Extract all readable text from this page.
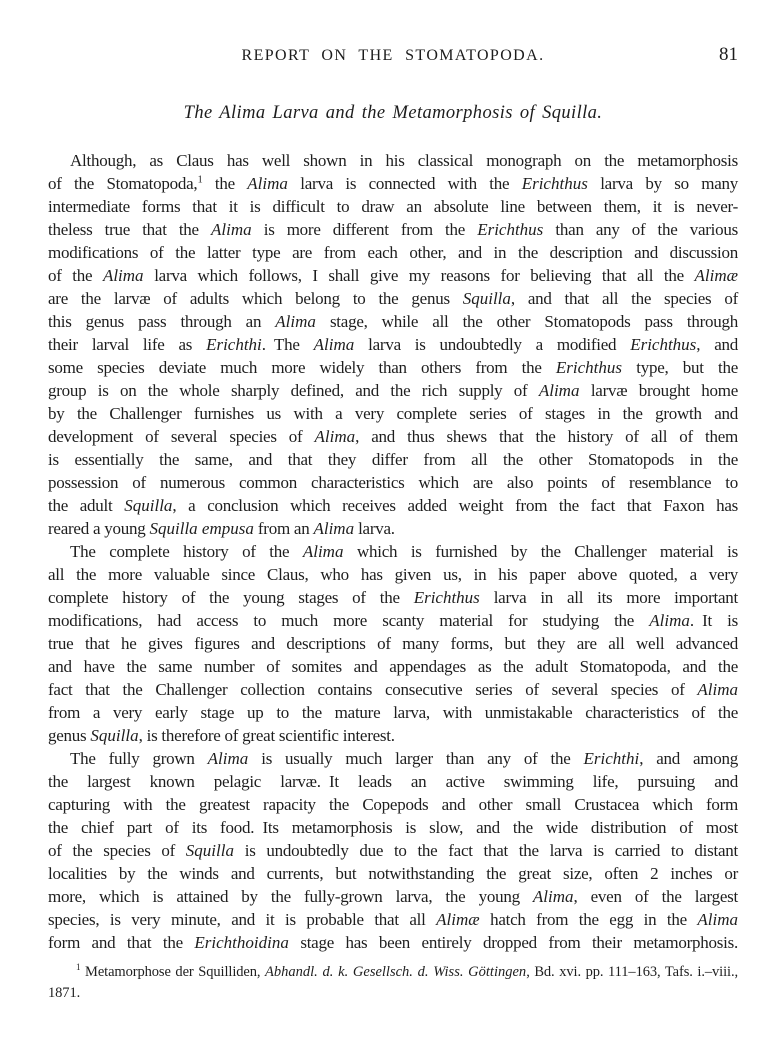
REPORT ON THE STOMATOPODA.	81
The Alima Larva and the Metamorphosis of Squilla.
Although, as Claus has well shown in his classical monograph on the metamorphosis
of the Stomatopoda,$^1$ the Alima larva is connected with the Erichthus larva by so many
intermediate forms that it is difficult to draw an absolute line between them, it is never-
theless true that the Alima is more different from the Erichthus than any of the various
modifications of the latter type are from each other, and in the description and discussion
of the Alima larva which follows, I shall give my reasons for believing that all the Alimæ
are the larvæ of adults which belong to the genus Squilla, and that all the species of
this genus pass through an Alima stage, while all the other Stomatopods pass through
their larval life as Erichthi. The Alima larva is undoubtedly a modified Erichthus, and
some species deviate much more widely than others from the Erichthus type, but the
group is on the whole sharply defined, and the rich supply of Alima larvæ brought home
by the Challenger furnishes us with a very complete series of stages in the growth and
development of several species of Alima, and thus shews that the history of all of them
is essentially the same, and that they differ from all the other Stomatopods in the
possession of numerous common characteristics which are also points of resemblance to
the adult Squilla, a conclusion which receives added weight from the fact that Faxon has
reared a young Squilla empusa from an Alima larva.
The complete history of the Alima which is furnished by the Challenger material is
all the more valuable since Claus, who has given us, in his paper above quoted, a very
complete history of the young stages of the Erichthus larva in all its more important
modifications, had access to much more scanty material for studying the Alima. It is
true that he gives figures and descriptions of many forms, but they are all well advanced
and have the same number of somites and appendages as the adult Stomatopoda, and the
fact that the Challenger collection contains consecutive series of several species of Alima
from a very early stage up to the mature larva, with unmistakable characteristics of the
genus Squilla, is therefore of great scientific interest.
The fully grown Alima is usually much larger than any of the Erichthi, and among
the largest known pelagic larvæ. It leads an active swimming life, pursuing and
capturing with the greatest rapacity the Copepods and other small Crustacea which form
the chief part of its food. Its metamorphosis is slow, and the wide distribution of most
of the species of Squilla is undoubtedly due to the fact that the larva is carried to distant
localities by the winds and currents, but notwithstanding the great size, often 2 inches or
more, which is attained by the fully-grown larva, the young Alima, even of the largest
species, is very minute, and it is probable that all Alimæ hatch from the egg in the Alima
form and that the Erichthoidina stage has been entirely dropped from their metamorphosis.
$^1$ Metamorphose der Squilliden, Abhandl. d. k. Gesellsch. d. Wiss. Göttingen, Bd. xvi. pp. 111–163, Tafs. i.–viii.,
1871.
